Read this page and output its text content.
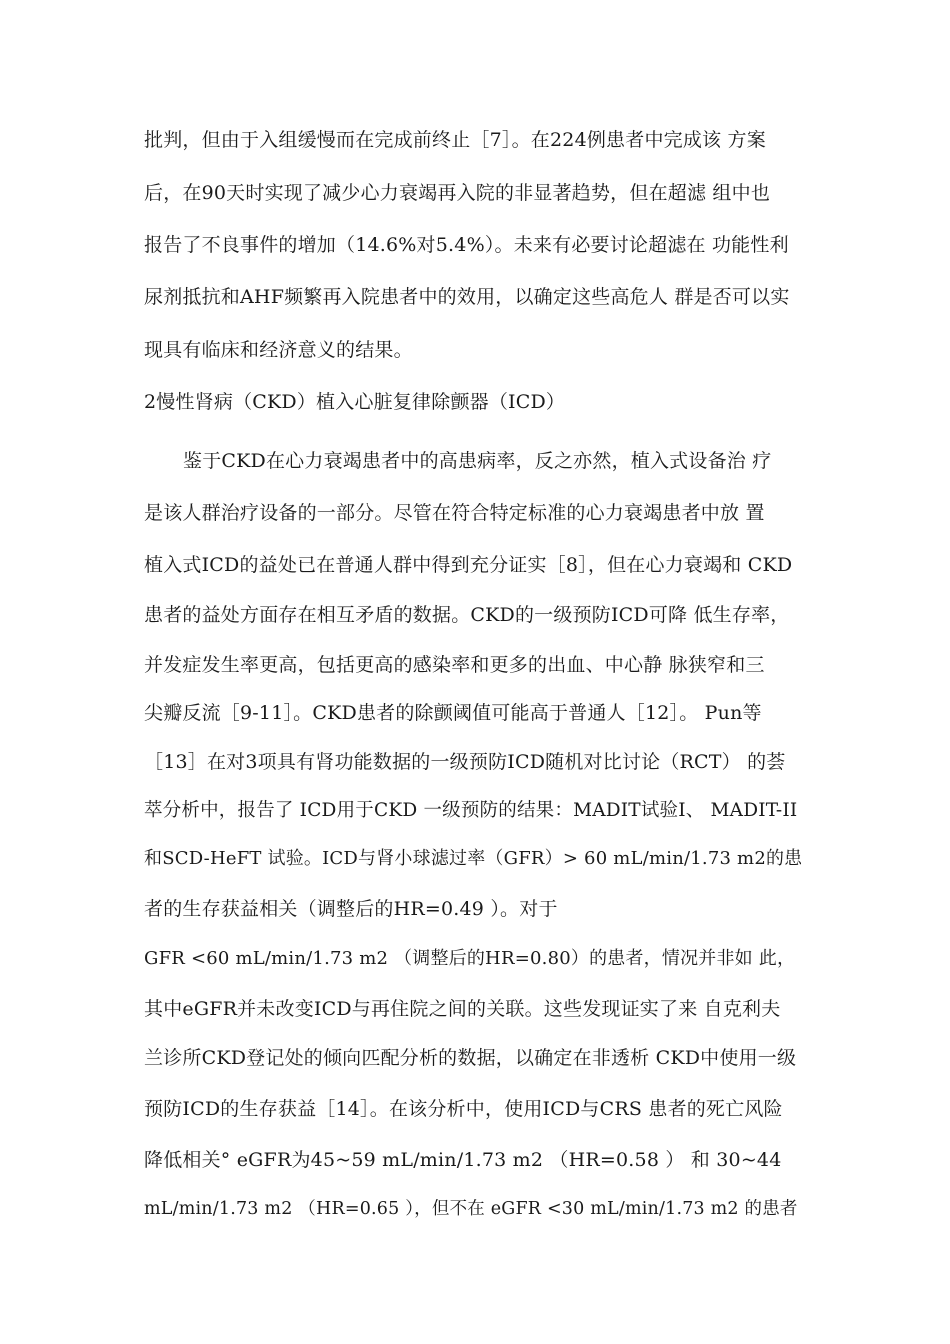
批判，但由于入组缓慢而在完成前终止［7］。在224例患者中完成该 方案
后，在90天时实现了减少心力衰竭再入院的非显著趋势，但在超滤 组中也
报告了不良事件的增加（14.6%对5.4%）。未来有必要讨论超滤在 功能性利
尿剂抵抗和AHF频繁再入院患者中的效用，以确定这些高危人 群是否可以实
现具有临床和经济意义的结果。
2慢性肾病（CKD）植入心脏复律除颤器（ICD）
鉴于CKD在心力衰竭患者中的高患病率，反之亦然，植入式设备治 疗
是该人群治疗设备的一部分。尽管在符合特定标准的心力衰竭患者中放 置
植入式ICD的益处已在普通人群中得到充分证实［8］，但在心力衰竭和 CKD
患者的益处方面存在相互矛盾的数据。CKD的一级预防ICD可降 低生存率，
并发症发生率更高，包括更高的感染率和更多的出血、中心静 脉狭窄和三
尖瓣反流［9-11］。CKD患者的除颤阈值可能高于普通人［12］。 Pun等
［13］在对3项具有肾功能数据的一级预防ICD随机对比讨论（RCT） 的荟
萃分析中，报告了 ICD用于CKD 一级预防的结果：MADIT试验I、 MADIT-II
和SCD-HeFT 试验。ICD与肾小球滤过率（GFR）> 60 mL/min/1.73 m2的患
者的生存获益相关（调整后的HR=0.49 ）。对于
GFR <60 mL/min/1.73 m2 （调整后的HR=0.80）的患者，情况并非如 此，
其中eGFR并未改变ICD与再住院之间的关联。这些发现证实了来 自克利夫
兰诊所CKD登记处的倾向匹配分析的数据，以确定在非透析 CKD中使用一级
预防ICD的生存获益［14］。在该分析中，使用ICD与CRS 患者的死亡风险
降低相关° eGFR为45~59 mL/min/1.73 m2 （HR=0.58 ） 和 30~44
mL/min/1.73 m2 （HR=0.65 ），但不在 eGFR <30 mL/min/1.73 m2 的患者
